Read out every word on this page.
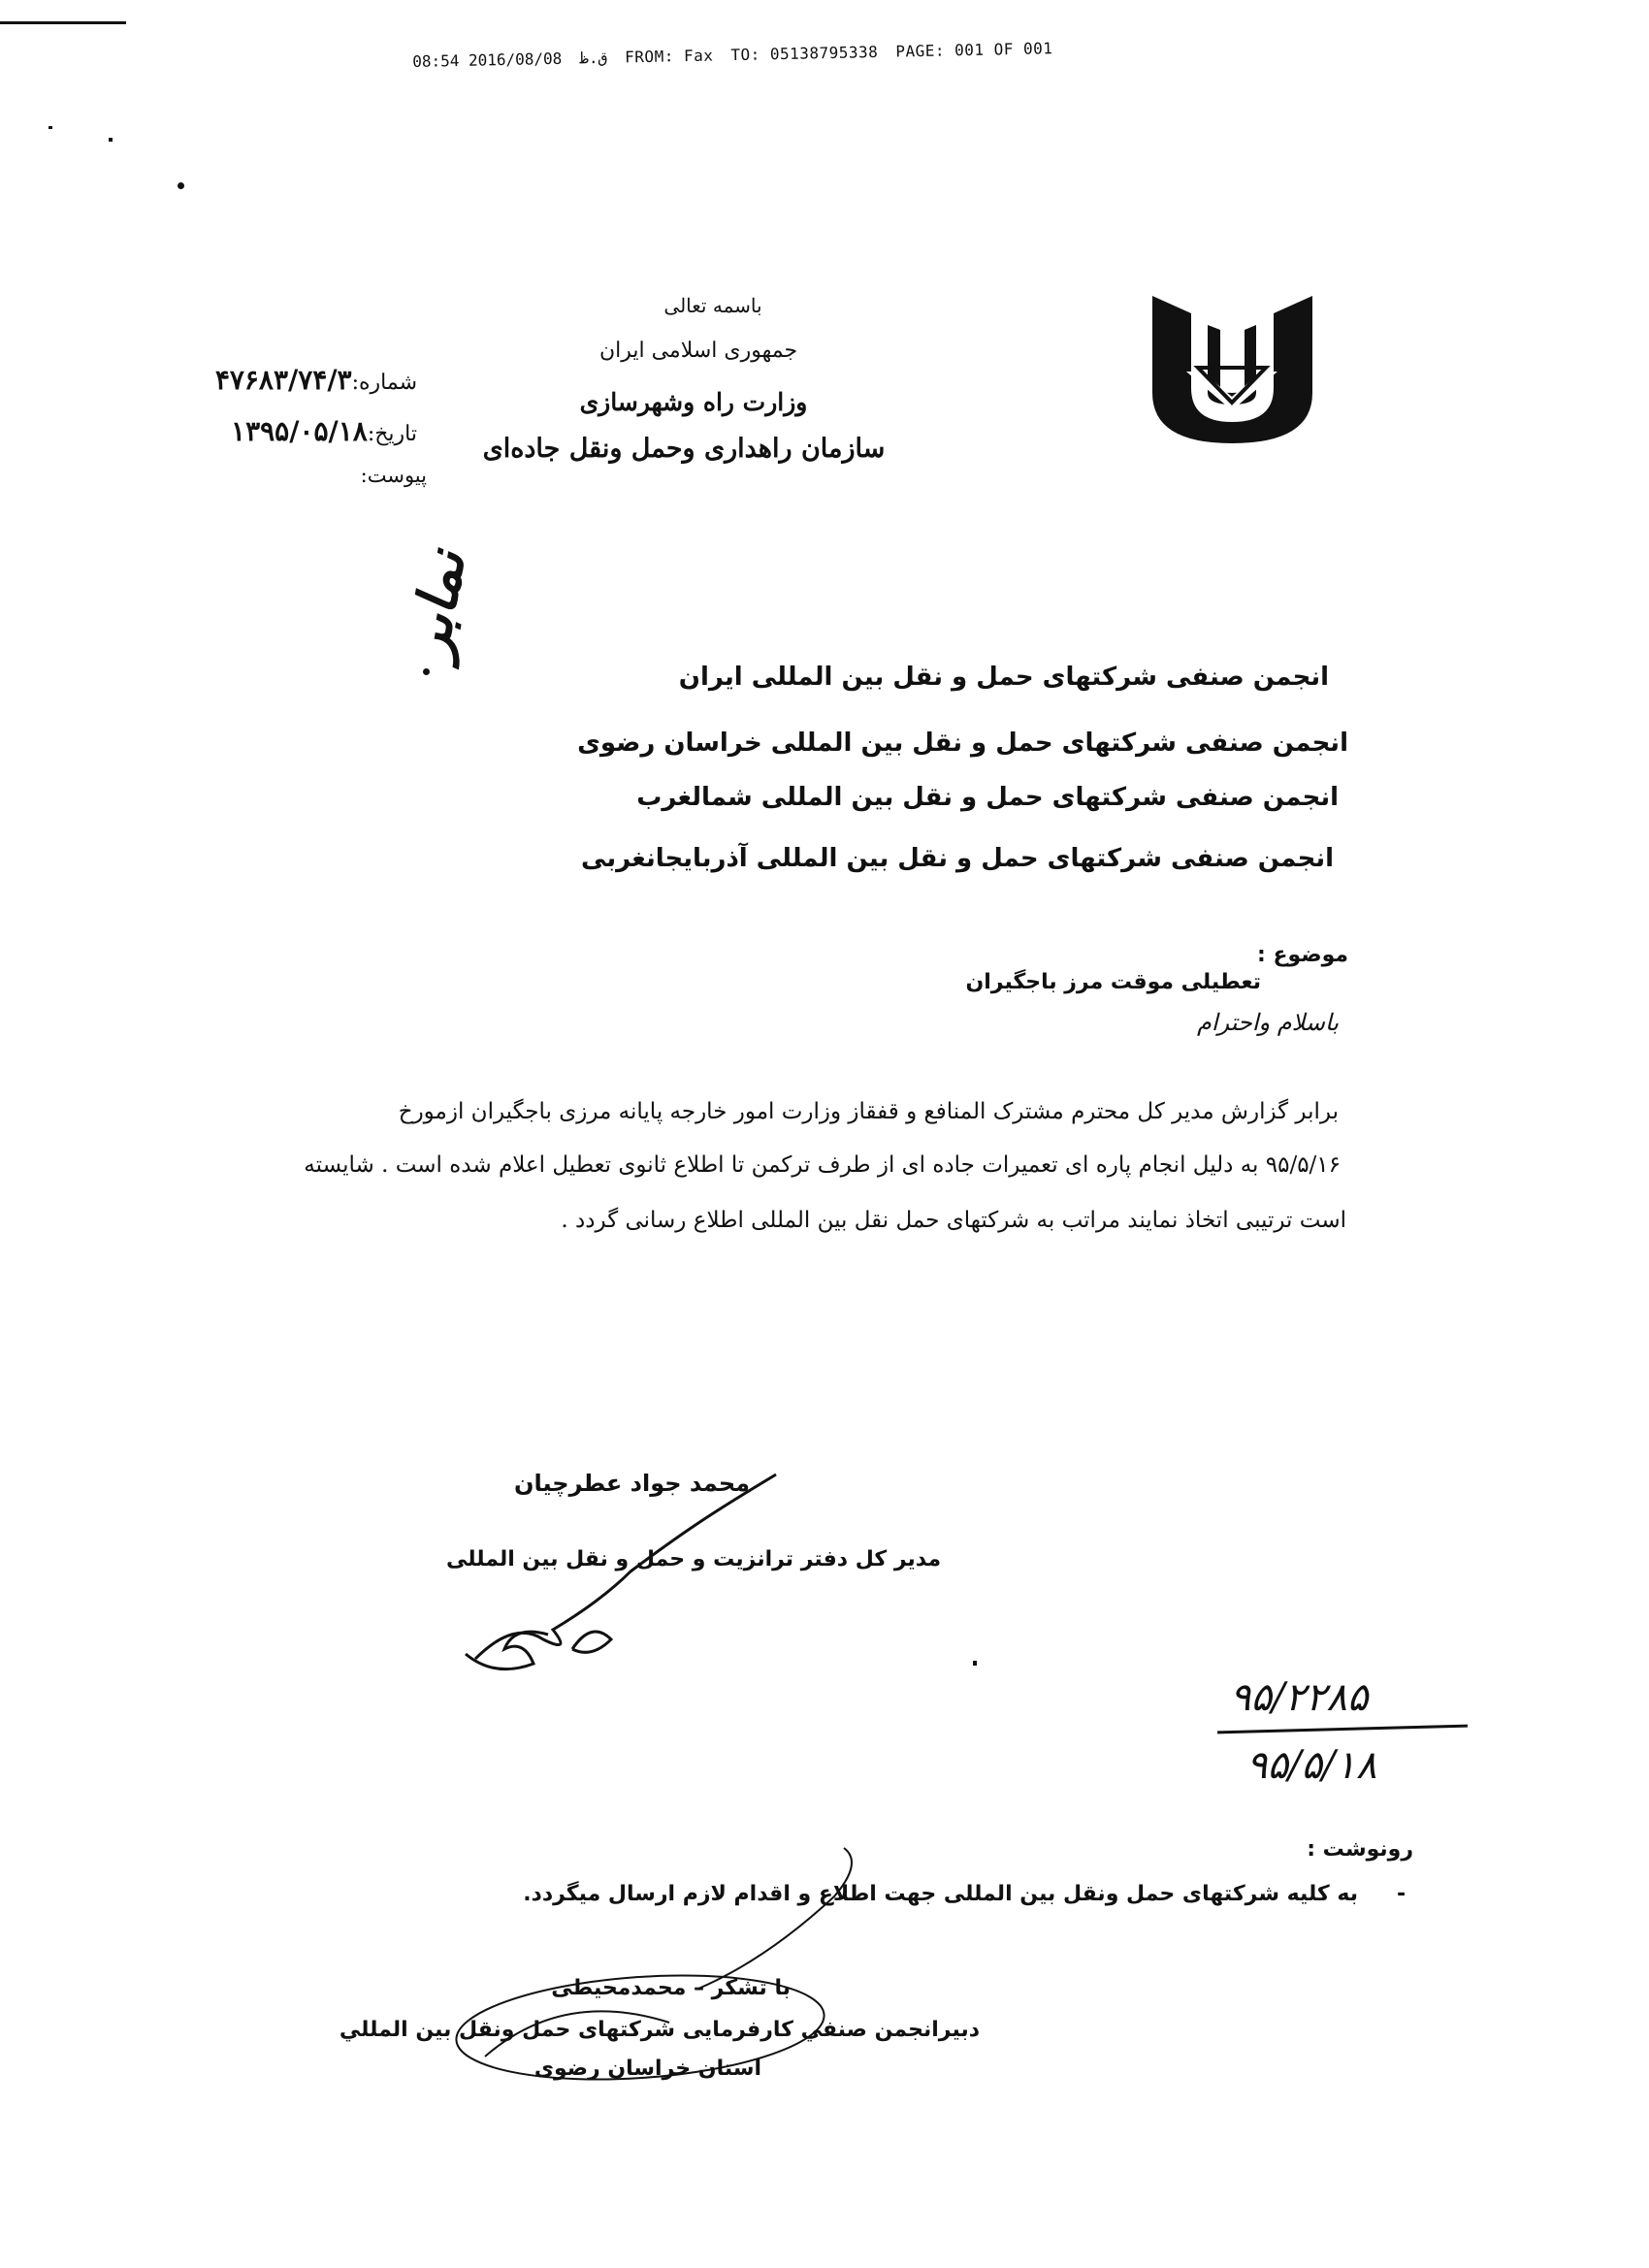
08:54 ق.ظ2016/08/08	FROM: Fax TO: 05138795338 PAGE: 001 OF 001
باسمه تعالی
جمهوری اسلامی ایران
وزارت راه وشهرسازی
سازمان راهداری وحمل ونقل جاده‌ای
شماره:۴۷۶۸۳/۷۴/۳
تاریخ:۱۳۹۵/۰۵/۱۸
پیوست:
نمابر
انجمن صنفی شرکتهای حمل و نقل بین المللی ایران
انجمن صنفی شرکتهای حمل و نقل بین المللی خراسان رضوی
انجمن صنفی شرکتهای حمل و نقل بین المللی شمالغرب
انجمن صنفی شرکتهای حمل و نقل بین المللی آذربایجانغربی
موضوع :
تعطیلی موقت مرز باجگیران
باسلام واحترام
برابر گزارش مدیر کل محترم مشترک المنافع و قفقاز وزارت امور خارجه پایانه مرزی باجگیران ازمورخ
۹۵/۵/۱۶ به دلیل انجام پاره ای تعمیرات جاده ای از طرف ترکمن تا اطلاع ثانوی تعطیل اعلام شده است . شایسته
است ترتیبی اتخاذ نمایند مراتب به شرکتهای حمل نقل بین المللی اطلاع رسانی گردد .
محمد جواد عطرچیان
مدیر کل دفتر ترانزیت و حمل و نقل بین المللی
۹۵/۲۲۸۵
۹۵/۵/۱۸
رونوشت :
-
به کلیه شرکتهای حمل ونقل بین المللی جهت اطلاع و اقدام لازم ارسال میگردد.
با تشکر – محمدمحیطی
دبیرانجمن صنفي کارفرمایی شرکتهای حمل ونقل بین المللي
استان خراسان رضوی
